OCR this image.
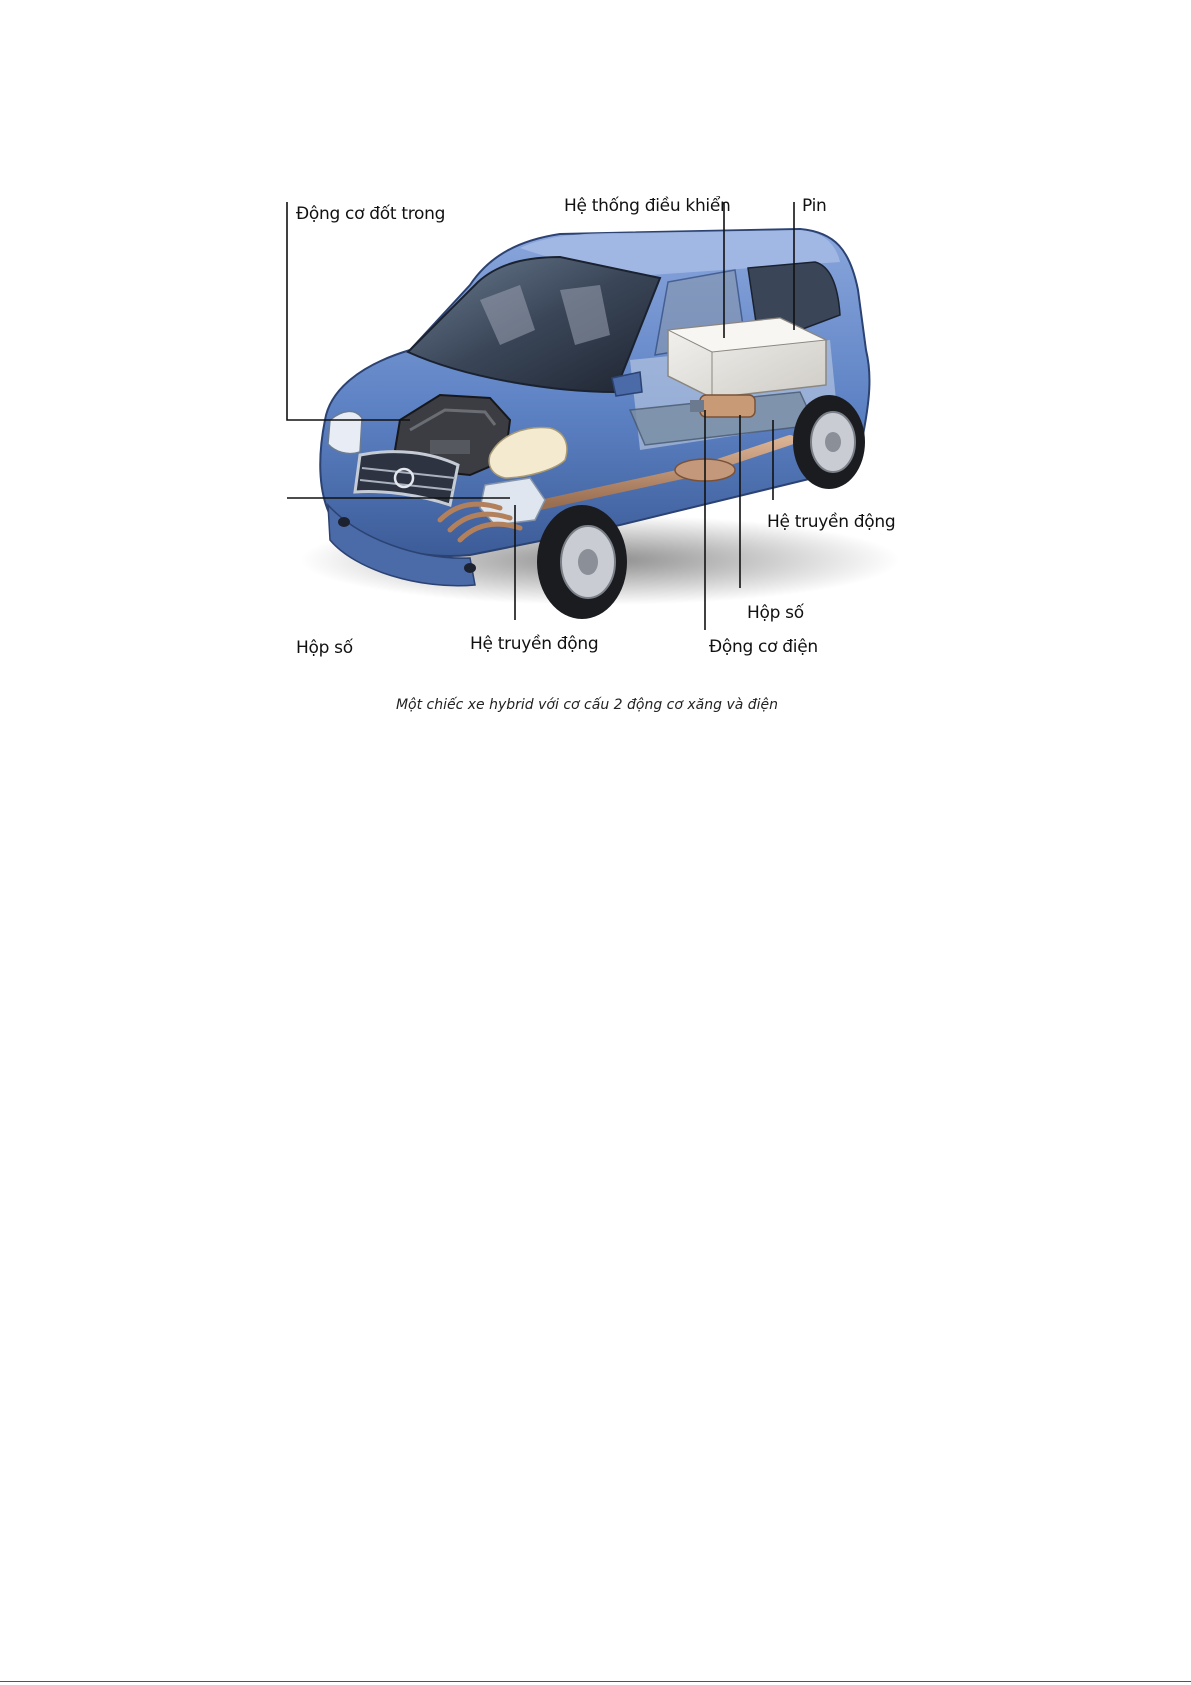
Động cơ đốt trong	Hệ thống điều khiển	Pin
Hệ truyền động
Hộp số
Động cơ điện
Hệ truyền động
Hộp số
Một chiếc xe hybrid với cơ cấu 2 động cơ xăng và điện
